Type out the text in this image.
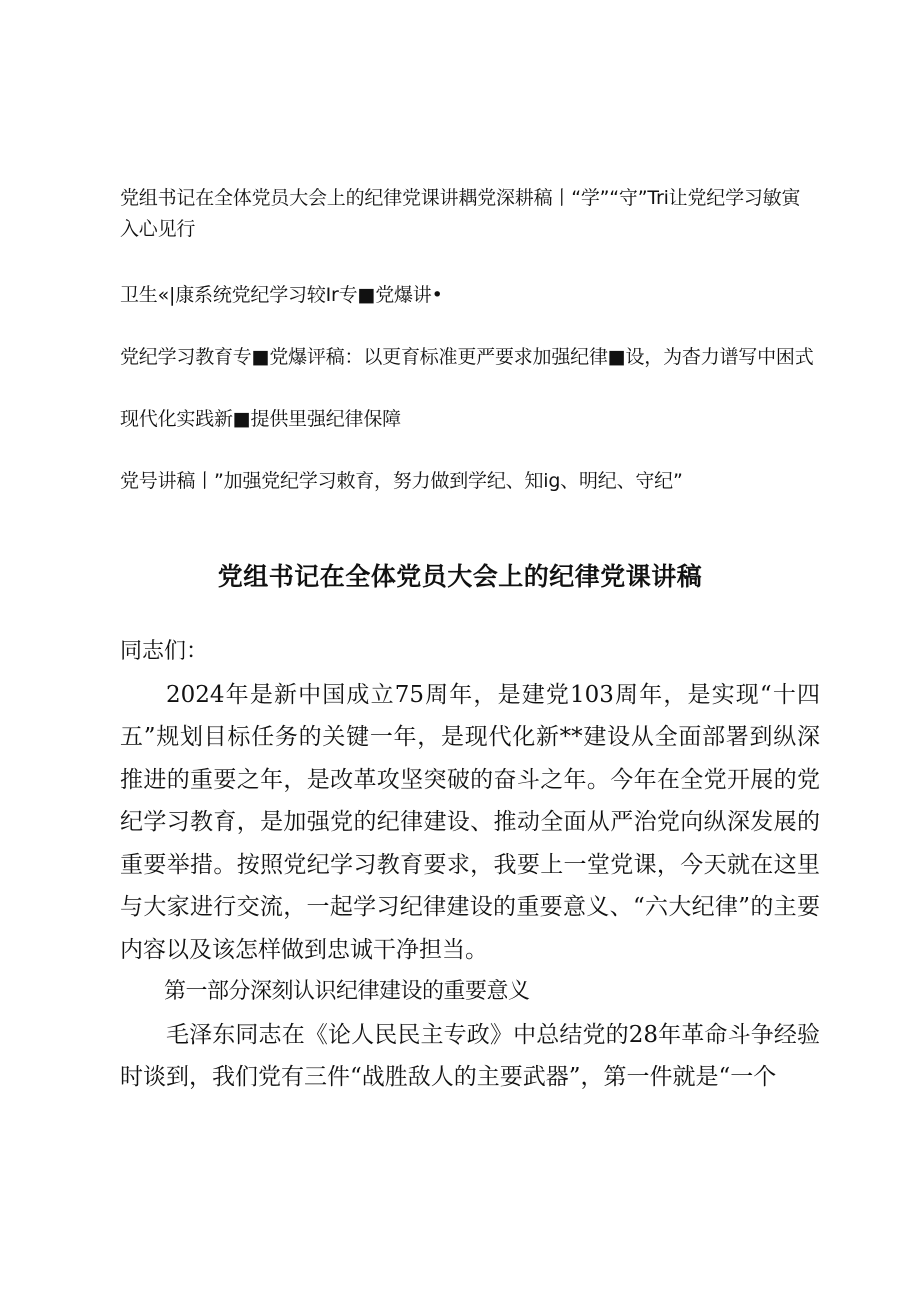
党组书记在全体党员大会上的纪律党课讲耦党深耕稿丨“学”“守”Tri让党纪学习敏寅入心见行

卫生«|康系统党纪学习较Ir专■党爆讲•

党纪学习教育专■党爆评稿：以更育标准更严要求加强纪律■设，为杳力谱写中困式

现代化实践新■提供里强纪律保障

党号讲稿丨”加强党纪学习敕育，努力做到学纪、知ig、明纪、守纪”

党组书记在全体党员大会上的纪律党课讲稿

同志们：

2024年是新中国成立75周年，是建党103周年，是实现“十四五”规划目标任务的关键一年，是现代化新**建设从全面部署到纵深推进的重要之年，是改革攻坚突破的奋斗之年。今年在全党开展的党纪学习教育，是加强党的纪律建设、推动全面从严治党向纵深发展的重要举措。按照党纪学习教育要求，我要上一堂党课，今天就在这里与大家进行交流，一起学习纪律建设的重要意义、“六大纪律”的主要内容以及该怎样做到忠诚干净担当。

第一部分深刻认识纪律建设的重要意义

毛泽东同志在《论人民民主专政》中总结党的28年革命斗争经验时谈到，我们党有三件“战胜敌人的主要武器”，第一件就是“一个
